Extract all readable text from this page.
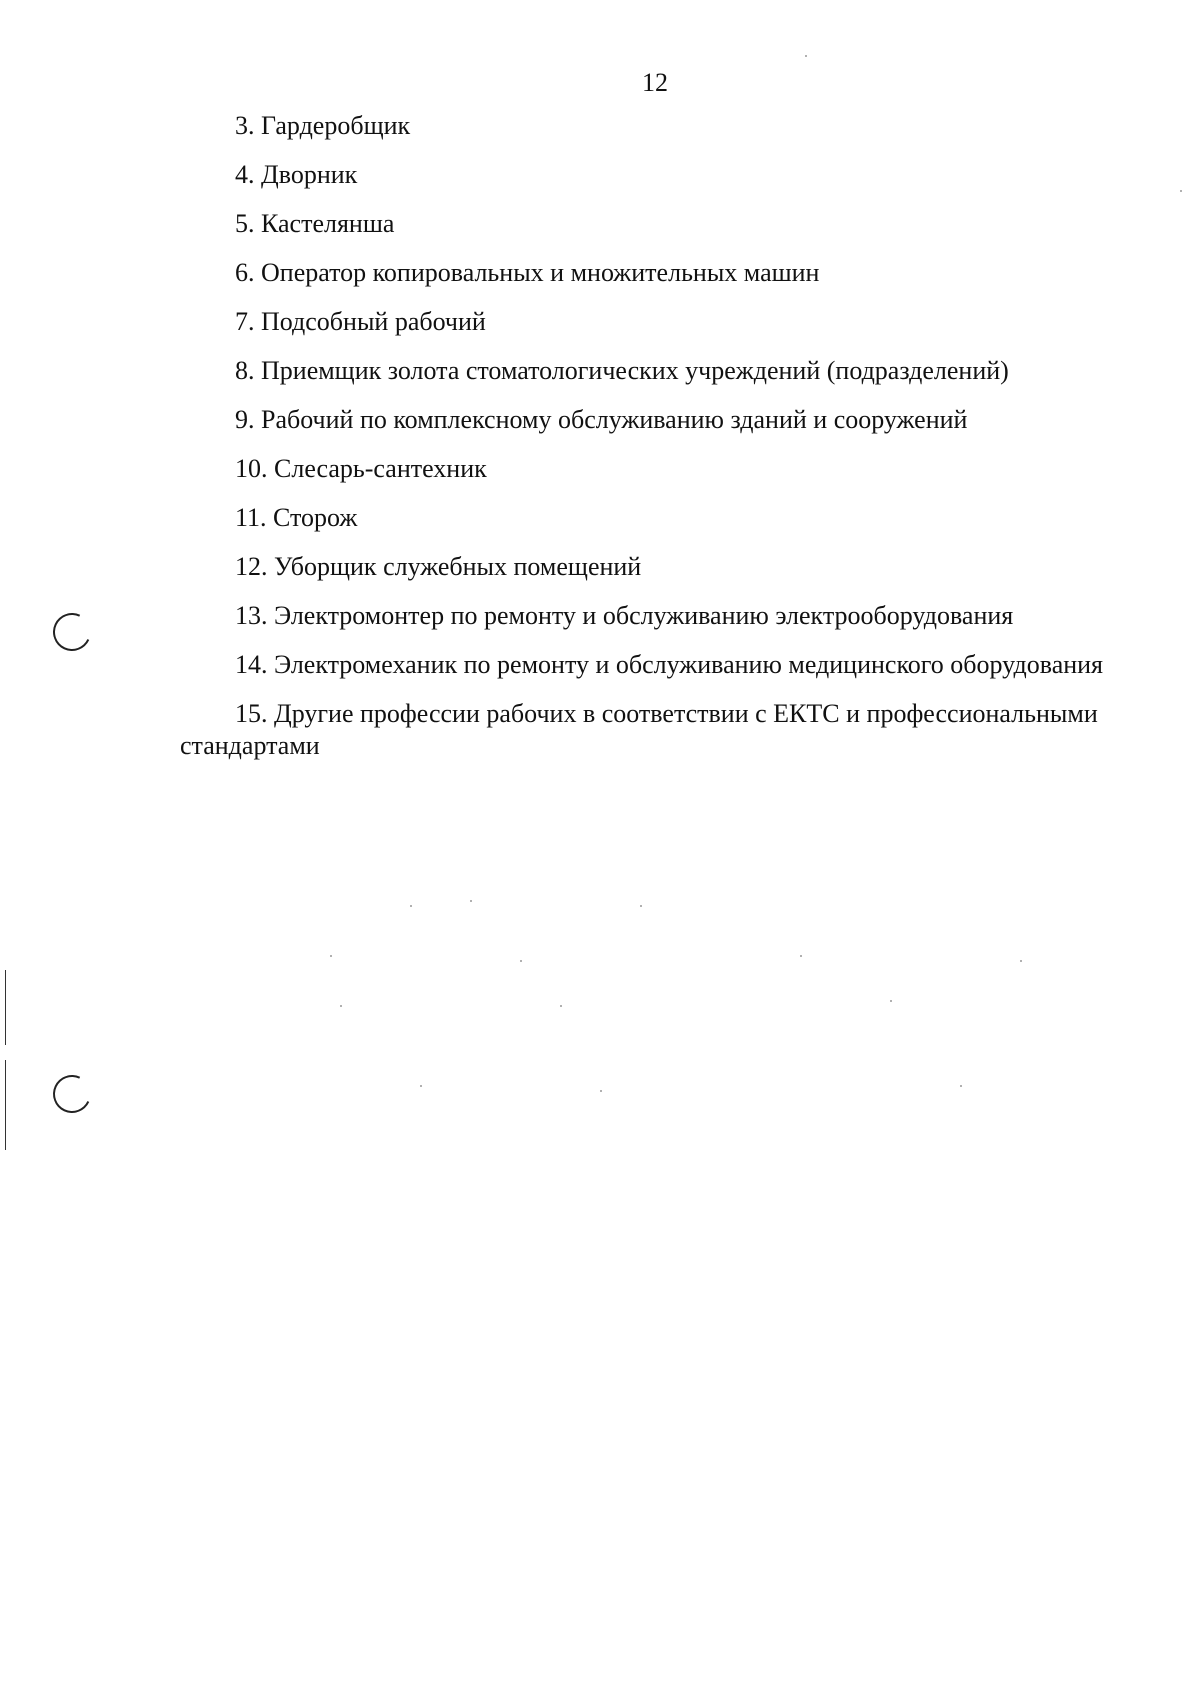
12

3. Гардеробщик

4. Дворник

5. Кастелянша

6. Оператор копировальных и множительных машин

7. Подсобный рабочий

8. Приемщик золота стоматологических учреждений (подразделений)

9. Рабочий по комплексному обслуживанию зданий и сооружений

10. Слесарь-сантехник

11. Сторож

12. Уборщик служебных помещений

13. Электромонтер по ремонту и обслуживанию электрооборудования

14. Электромеханик по ремонту и обслуживанию медицинского оборудования

15. Другие профессии рабочих в соответствии с ЕКТС и профессиональными стандартами
